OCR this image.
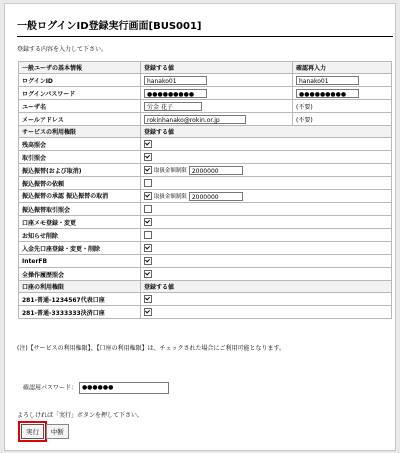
一般ログインID登録実行画面[BUS001]
登録する内容を入力して下さい。
一般ユーザの基本情報	登録する値	確認再入力
ログインID	hanako01	hanako01
ログインパスワード	●●●●●●●●●	●●●●●●●●●
ユーザ名	労金 花子	(不要)
メールアドレス	rokinhanako@rokin.or.jp	(不要)
サービスの利用権限	登録する値	
残高照会		
取引照会		
振込振替(および取消)	取扱金額制限 2000000	
振込振替の依頼		
振込振替の承認 振込振替の取消	取扱金額制限 2000000	
振込振替取引照会		
口座メモ登録・変更		
お知らせ削除		
入金先口座登録・変更・削除		
InterFB		
全操作履歴照会		
口座の利用権限	登録する値	
281-普通-1234567代表口座		
281-普通-3333333決済口座		
(注)【サービスの利用権限】、【口座の利用権限】は、チェックされた場合にご利用可能となります。
確認用パスワード： ●●●●●●
よろしければ「実行」ボタンを押して下さい。
実行 中断
